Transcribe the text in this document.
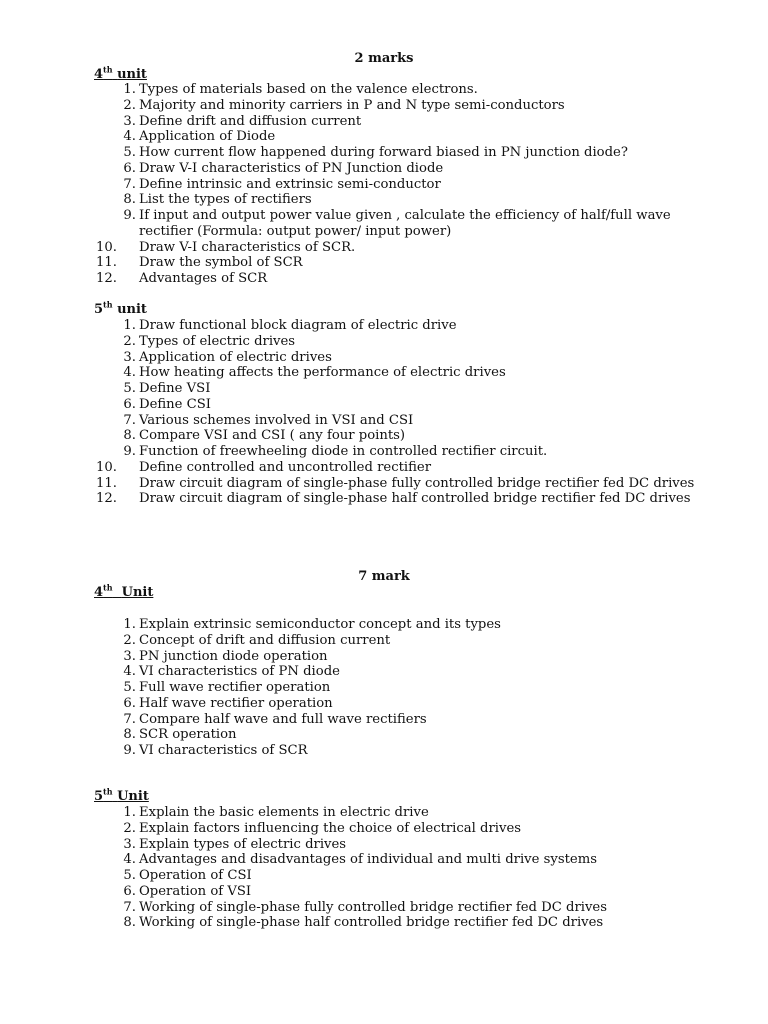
2 marks
4th unit
1. Types of materials based on the valence electrons.
2. Majority and minority carriers in P and N type semi-conductors
3. Define drift and diffusion current
4. Application of Diode
5. How current flow happened during forward biased in PN junction diode?
6. Draw V-I characteristics of PN Junction diode
7. Define intrinsic and extrinsic semi-conductor
8. List the types of rectifiers
9. If input and output power value given , calculate the efficiency of half/full wave rectifier (Formula: output power/ input power)
10.	Draw V-I characteristics of SCR.
11.	Draw the symbol of SCR
12.	Advantages of SCR
5th unit
1. Draw functional block diagram of electric drive
2. Types of electric drives
3. Application of electric drives
4. How heating affects the performance of electric drives
5. Define VSI
6. Define CSI
7. Various schemes involved in VSI and CSI
8. Compare VSI and CSI ( any four points)
9. Function of freewheeling diode in controlled rectifier circuit.
10.	Define controlled and uncontrolled rectifier
11.	Draw circuit diagram of single-phase fully controlled bridge rectifier fed DC drives
12.	Draw circuit diagram of single-phase half controlled bridge rectifier fed DC drives
7 mark
4th Unit
1. Explain extrinsic semiconductor concept and its types
2. Concept of drift and diffusion current
3. PN junction diode operation
4. VI characteristics of PN diode
5. Full wave rectifier operation
6. Half wave rectifier operation
7. Compare half wave and full wave rectifiers
8. SCR operation
9. VI characteristics of SCR
5th Unit
1. Explain the basic elements in electric drive
2. Explain factors influencing the choice of electrical drives
3. Explain types of electric drives
4. Advantages and disadvantages of individual and multi drive systems
5. Operation of CSI
6. Operation of VSI
7. Working of single-phase fully controlled bridge rectifier fed DC drives
8. Working of single-phase half controlled bridge rectifier fed DC drives
